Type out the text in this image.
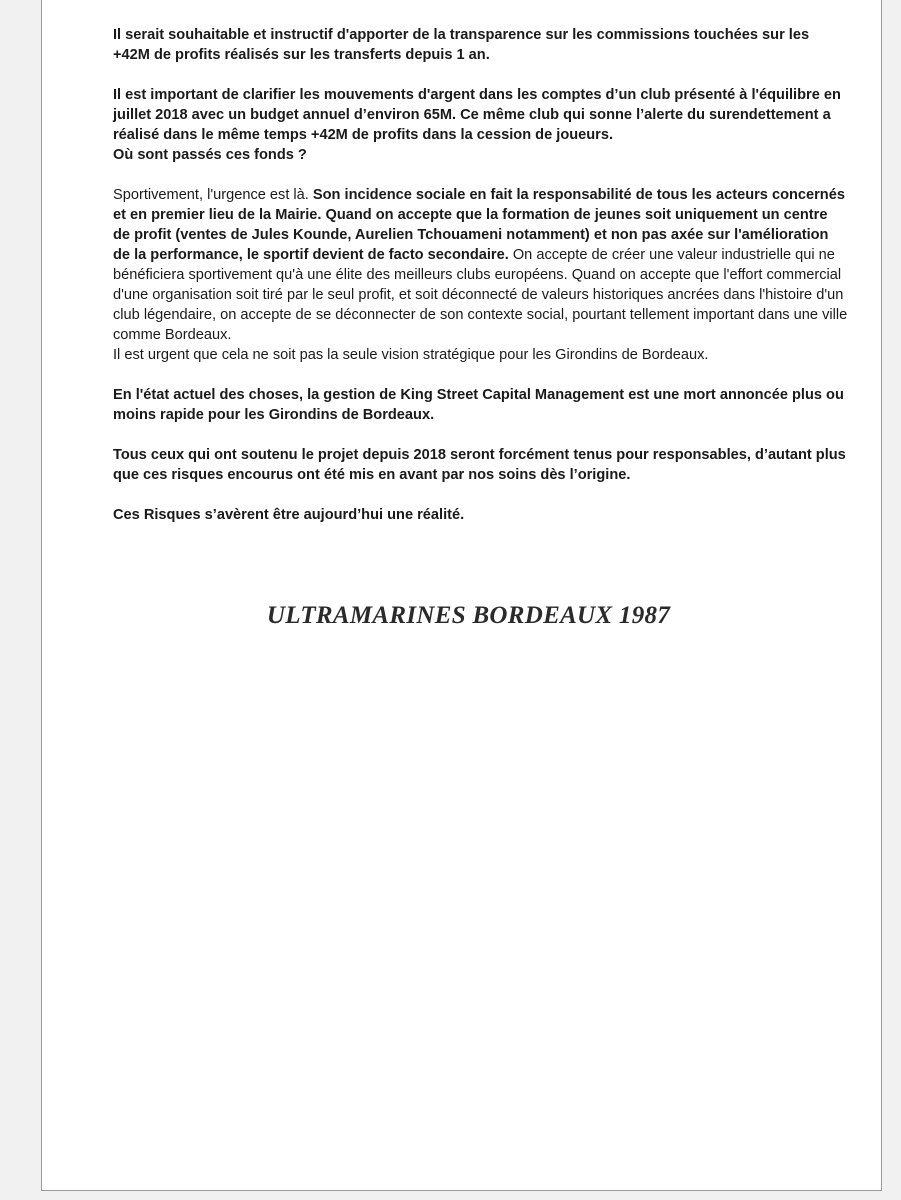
Il serait souhaitable et instructif d'apporter de la transparence sur les commissions touchées sur les +42M de profits réalisés sur les transferts depuis 1 an.

Il est important de clarifier les mouvements d'argent dans les comptes d’un club présenté à l'équilibre en juillet 2018 avec un budget annuel d’environ 65M. Ce même club qui sonne l’alerte du surendettement a réalisé dans le même temps +42M de profits dans la cession de joueurs.

Où sont passés ces fonds ?

Sportivement, l'urgence est là. Son incidence sociale en fait la responsabilité de tous les acteurs concernés et en premier lieu de la Mairie. Quand on accepte que la formation de jeunes soit uniquement un centre de profit (ventes de Jules Kounde, Aurelien Tchouameni notamment) et non pas axée sur l'amélioration de la performance, le sportif devient de facto secondaire. On accepte de créer une valeur industrielle qui ne bénéficiera sportivement qu'à une élite des meilleurs clubs européens. Quand on accepte que l'effort commercial d'une organisation soit tiré par le seul profit, et soit déconnecté de valeurs historiques ancrées dans l'histoire d'un club légendaire, on accepte de se déconnecter de son contexte social, pourtant tellement important dans une ville comme Bordeaux.

Il est urgent que cela ne soit pas la seule vision stratégique pour les Girondins de Bordeaux.

En l'état actuel des choses, la gestion de King Street Capital Management est une mort annoncée plus ou moins rapide pour les Girondins de Bordeaux.

Tous ceux qui ont soutenu le projet depuis 2018 seront forcément tenus pour responsables, d’autant plus que ces risques encourus ont été mis en avant par nos soins dès l’origine.

Ces Risques s’avèrent être aujourd’hui une réalité.

ULTRAMARINES BORDEAUX 1987
